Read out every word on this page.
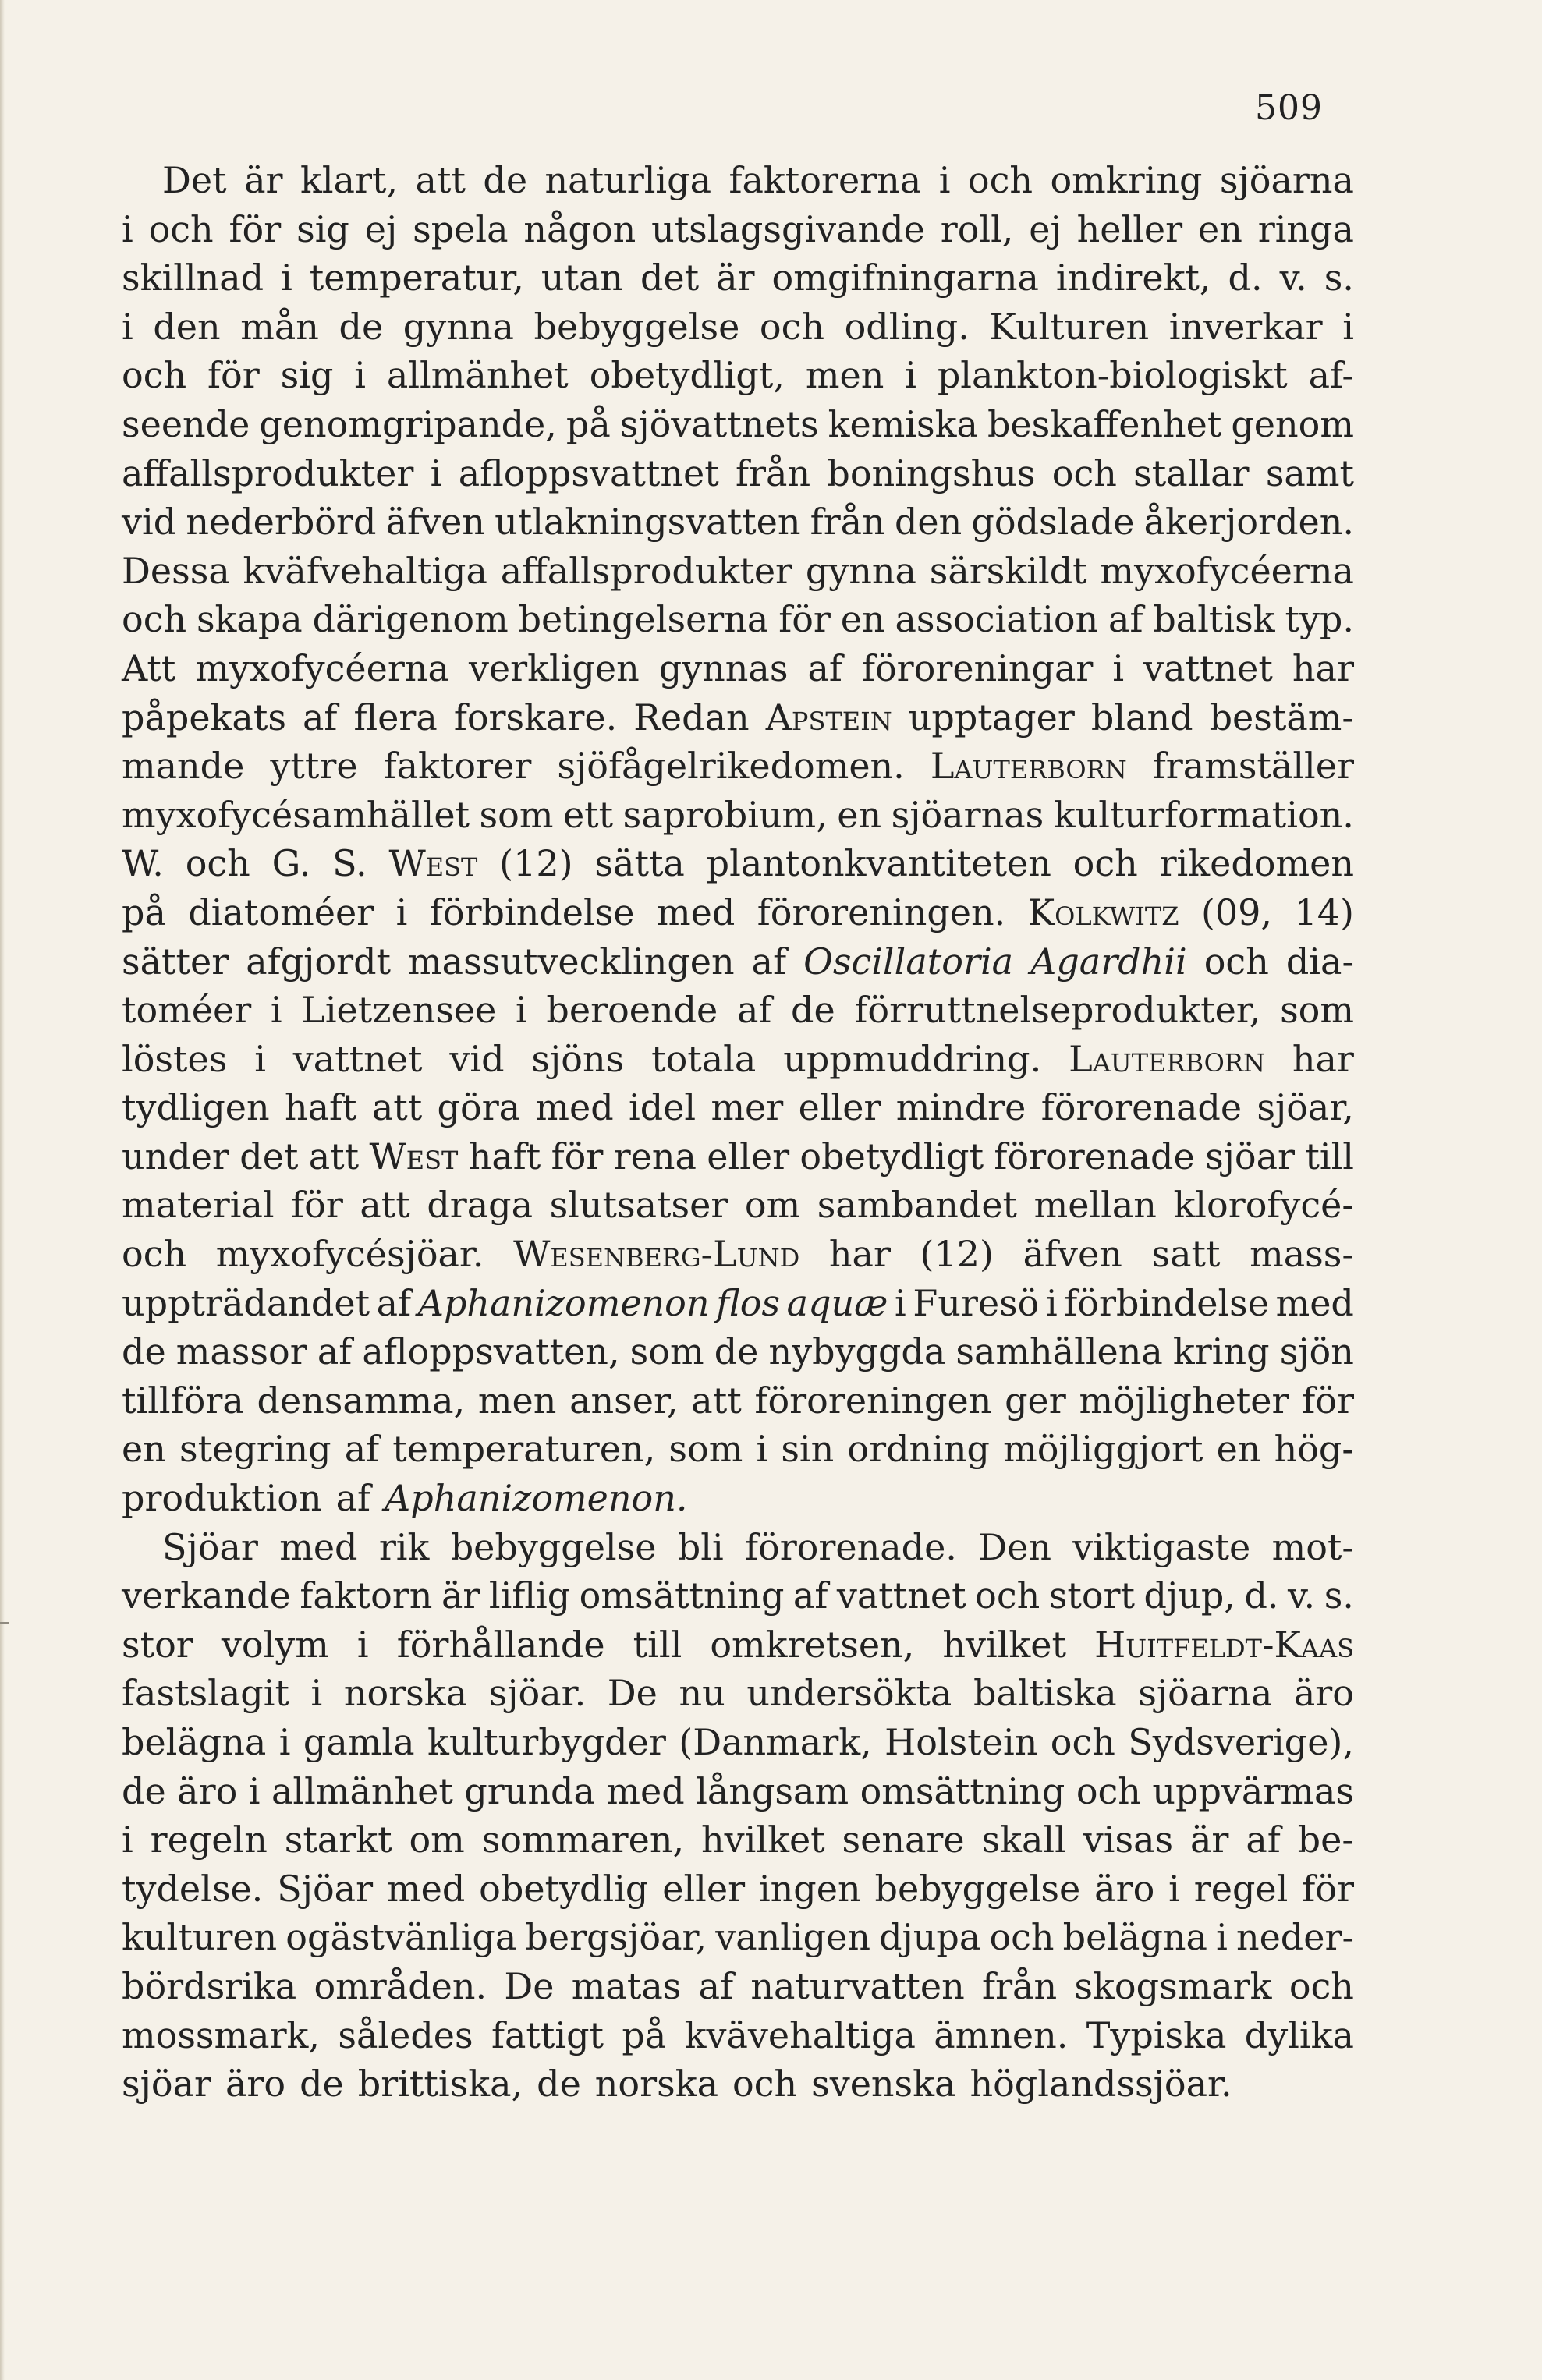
509
Det är klart, att de naturliga faktorerna i och omkring sjöarna
i och för sig ej spela någon utslagsgivande roll, ej heller en ringa
skillnad i temperatur, utan det är omgifningarna indirekt, d. v. s.
i den mån de gynna bebyggelse och odling. Kulturen inverkar i
och för sig i allmänhet obetydligt, men i plankton-biologiskt af-
seende genomgripande, på sjövattnets kemiska beskaffenhet genom
affallsprodukter i afloppsvattnet från boningshus och stallar samt
vid nederbörd äfven utlakningsvatten från den gödslade åkerjorden.
Dessa kväfvehaltiga affallsprodukter gynna särskildt myxofycéerna
och skapa därigenom betingelserna för en association af baltisk typ.
Att myxofycéerna verkligen gynnas af föroreningar i vattnet har
påpekats af flera forskare. Redan Apstein upptager bland bestäm-
mande yttre faktorer sjöfågelrikedomen. Lauterborn framställer
myxofycésamhället som ett saprobium, en sjöarnas kulturformation.
W. och G. S. West (12) sätta plantonkvantiteten och rikedomen
på diatoméer i förbindelse med föroreningen. Kolkwitz (09, 14)
sätter afgjordt massutvecklingen af Oscillatoria Agardhii och dia-
toméer i Lietzensee i beroende af de förruttnelseprodukter, som
löstes i vattnet vid sjöns totala uppmuddring. Lauterborn har
tydligen haft att göra med idel mer eller mindre förorenade sjöar,
under det att West haft för rena eller obetydligt förorenade sjöar till
material för att draga slutsatser om sambandet mellan klorofycé-
och myxofycésjöar. Wesenberg-Lund har (12) äfven satt mass-
uppträdandet af Aphanizomenon flos aquæ i Furesö i förbindelse med
de massor af afloppsvatten, som de nybyggda samhällena kring sjön
tillföra densamma, men anser, att föroreningen ger möjligheter för
en stegring af temperaturen, som i sin ordning möjliggjort en hög-
produktion af Aphanizomenon.
Sjöar med rik bebyggelse bli förorenade. Den viktigaste mot-
verkande faktorn är liflig omsättning af vattnet och stort djup, d. v. s.
stor volym i förhållande till omkretsen, hvilket Huitfeldt-Kaas
fastslagit i norska sjöar. De nu undersökta baltiska sjöarna äro
belägna i gamla kulturbygder (Danmark, Holstein och Sydsverige),
de äro i allmänhet grunda med långsam omsättning och uppvärmas
i regeln starkt om sommaren, hvilket senare skall visas är af be-
tydelse. Sjöar med obetydlig eller ingen bebyggelse äro i regel för
kulturen ogästvänliga bergsjöar, vanligen djupa och belägna i neder-
bördsrika områden. De matas af naturvatten från skogsmark och
mossmark, således fattigt på kvävehaltiga ämnen. Typiska dylika
sjöar äro de brittiska, de norska och svenska höglandssjöar.
